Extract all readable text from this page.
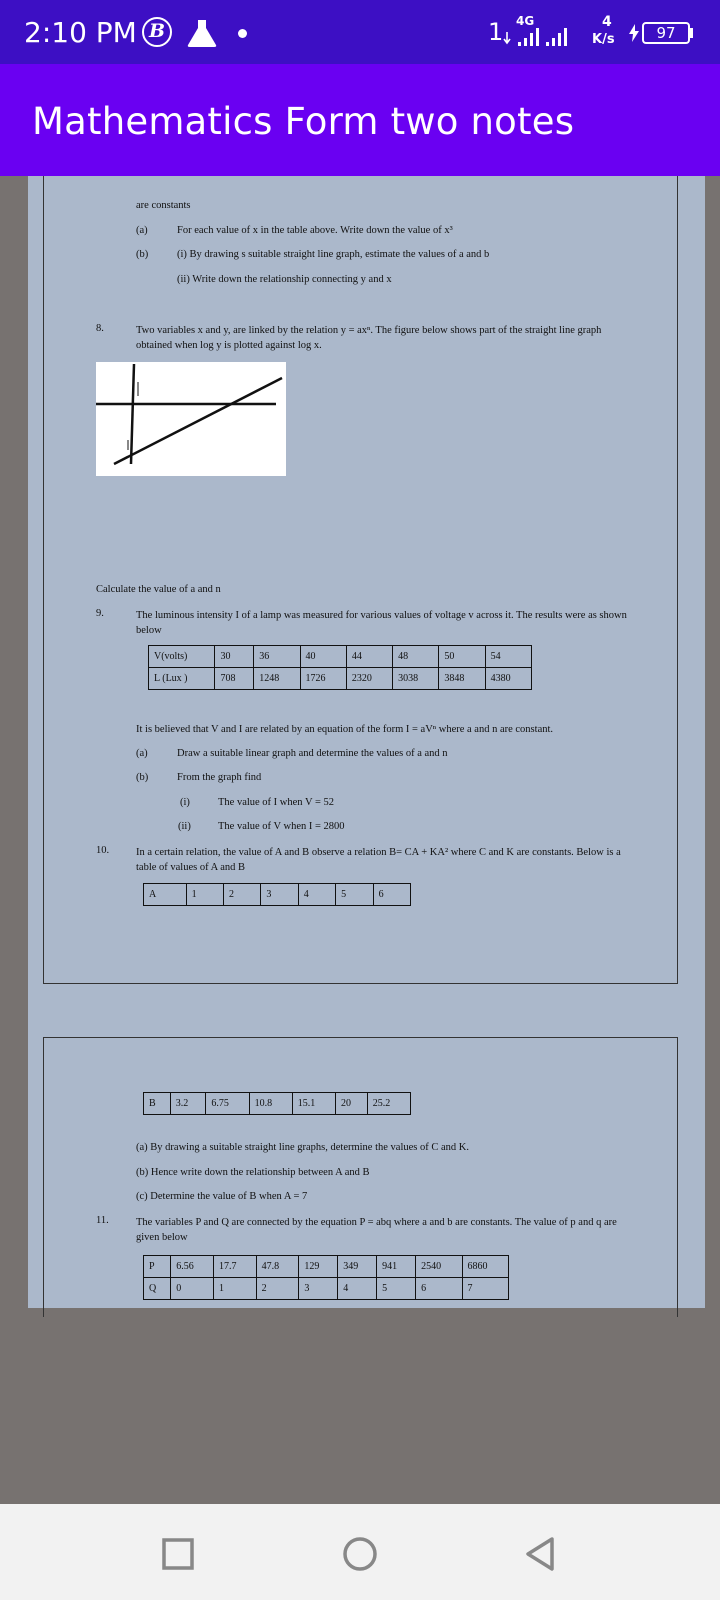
2:10 PM B	1 4G	4
K/s	97
Mathematics Form two notes
are constants
(a)	For each value of x in the table above. Write down the value of x³
(b)	(i) By drawing s suitable straight line graph, estimate the values of a and b
(ii) Write down the relationship connecting y and x
8.	Two variables x and y, are linked by the relation y = axⁿ. The figure below shows part of the straight line graph obtained when log y is plotted against log x.
Calculate the value of a and n
9.	The luminous intensity I of a lamp was measured for various values of voltage v across it. The results were as shown below
V(volts)	30	36	40	44	48	50	54
L (Lux )	708	1248	1726	2320	3038	3848	4380
It is believed that V and I are related by an equation of the form I = aVⁿ where a and n are constant.
(a)	Draw a suitable linear graph and determine the values of a and n
(b)	From the graph find
(i)	The value of I when V = 52
(ii)	The value of V when I = 2800
10.	In a certain relation, the value of A and B observe a relation B= CA + KA² where C and K are constants. Below is a table of values of A and B
A	1	2	3	4	5	6
B	3.2	6.75	10.8	15.1	20	25.2
(a) By drawing a suitable straight line graphs, determine the values of C and K.
(b) Hence write down the relationship between A and B
(c) Determine the value of B when A = 7
11.	The variables P and Q are connected by the equation P = abq where a and b are constants. The value of p and q are given below
P	6.56	17.7	47.8	129	349	941	2540	6860
Q	0	1	2	3	4	5	6	7
